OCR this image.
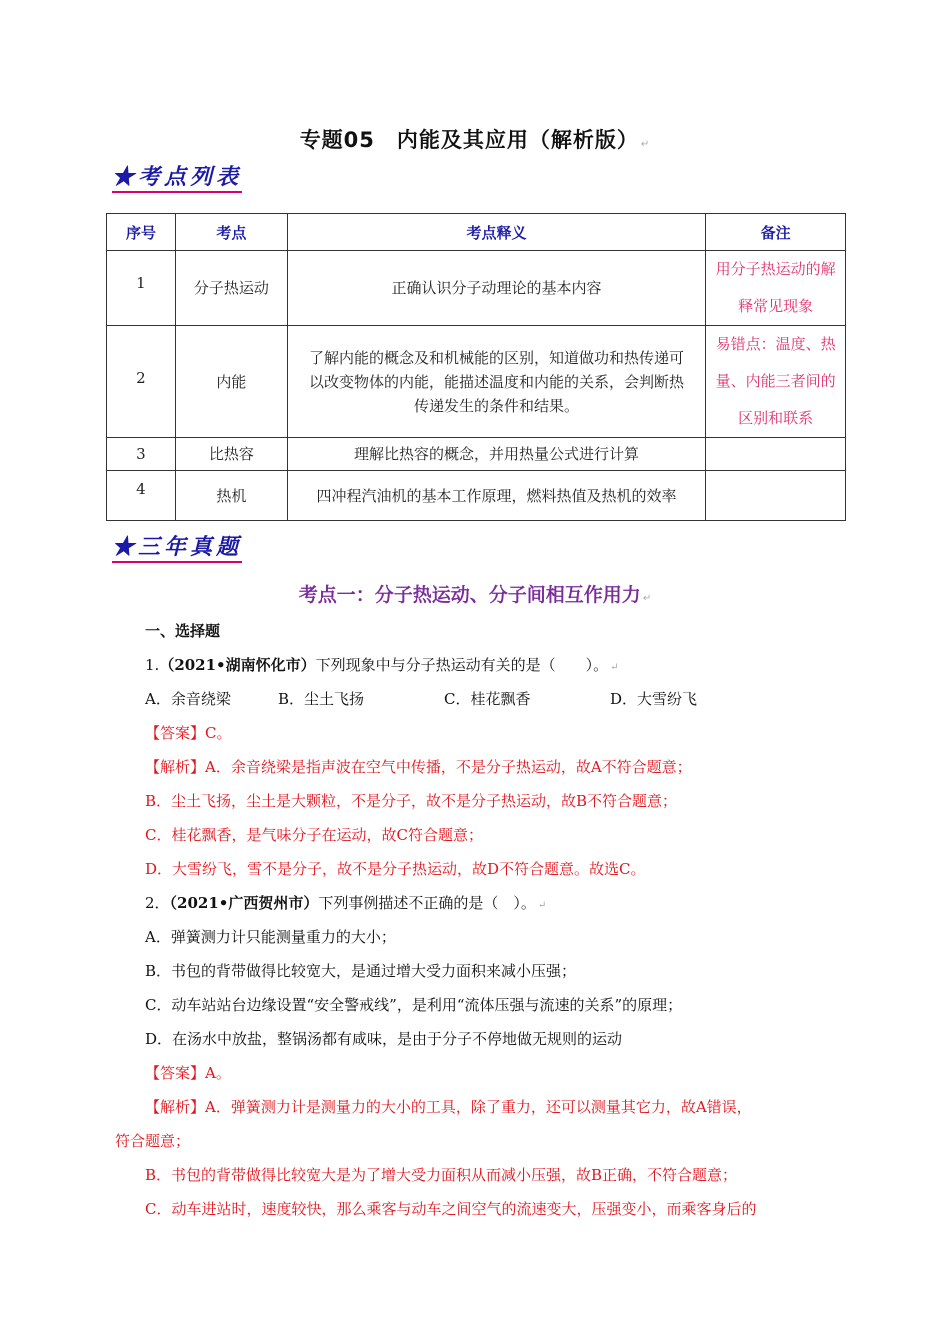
专题05　内能及其应用（解析版） ↵
★考点列表
序号	考点	考点释义	备注
1	分子热运动	正确认识分子动理论的基本内容	用分子热运动的解释常见现象
2	内能	了解内能的概念及和机械能的区别，知道做功和热传递可以改变物体的内能，能描述温度和内能的关系，会判断热传递发生的条件和结果。	易错点：温度、热量、内能三者间的区别和联系
3	比热容	理解比热容的概念，并用热量公式进行计算	
4	热机	四冲程汽油机的基本工作原理，燃料热值及热机的效率	
★三年真题
考点一：分子热运动、分子间相互作用力 ↵
一、选择题
1.（2021•湖南怀化市）下列现象中与分子热运动有关的是（　　）。 ↵
A．余音绕梁	B．尘土飞扬	C．桂花飘香	D．大雪纷飞
【答案】C。
【解析】A．余音绕梁是指声波在空气中传播，不是分子热运动，故A不符合题意；
B．尘土飞扬，尘土是大颗粒，不是分子，故不是分子热运动，故B不符合题意；
C．桂花飘香，是气味分子在运动，故C符合题意；
D．大雪纷飞，雪不是分子，故不是分子热运动，故D不符合题意。故选C。
2．（2021•广西贺州市）下列事例描述不正确的是（　）。 ↵
A．弹簧测力计只能测量重力的大小；
B．书包的背带做得比较宽大，是通过增大受力面积来减小压强；
C．动车站站台边缘设置“安全警戒线”，是利用“流体压强与流速的关系”的原理；
D．在汤水中放盐，整锅汤都有咸味，是由于分子不停地做无规则的运动
【答案】A。
【解析】A．弹簧测力计是测量力的大小的工具，除了重力，还可以测量其它力，故A错误，
符合题意；
B．书包的背带做得比较宽大是为了增大受力面积从而减小压强，故B正确，不符合题意；
C．动车进站时，速度较快，那么乘客与动车之间空气的流速变大，压强变小，而乘客身后的
